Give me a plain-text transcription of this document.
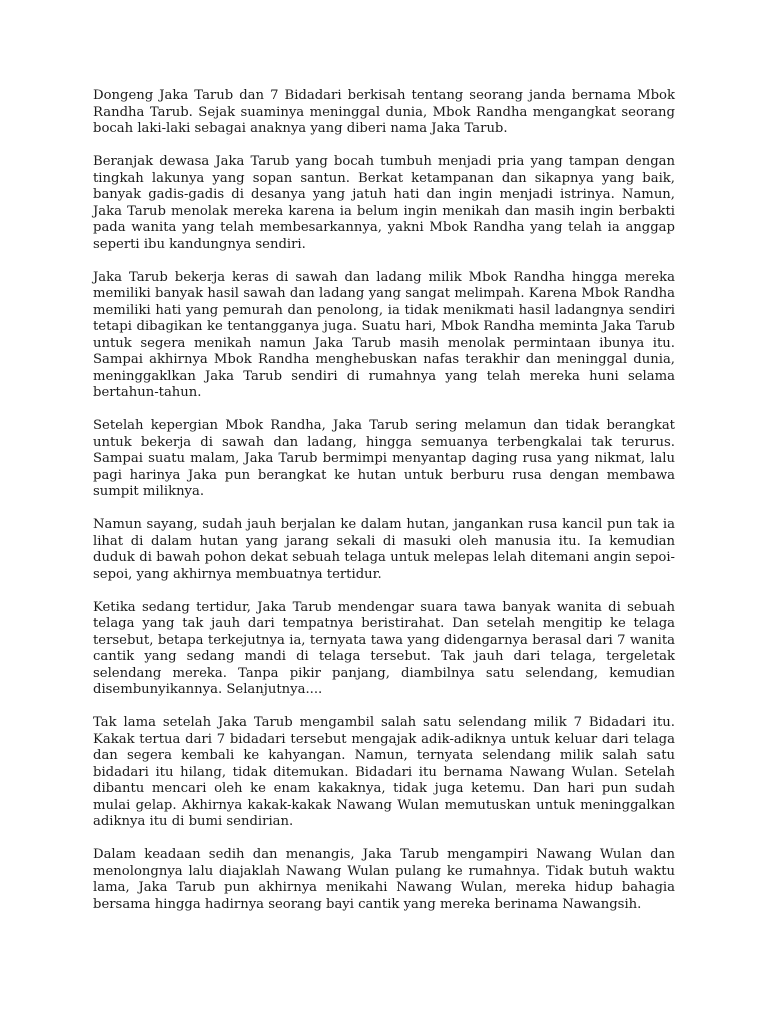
Dongeng Jaka Tarub dan 7 Bidadari berkisah tentang seorang janda bernama Mbok Randha Tarub. Sejak suaminya meninggal dunia, Mbok Randha mengangkat seorang bocah laki-laki sebagai anaknya yang diberi nama Jaka Tarub.

Beranjak dewasa Jaka Tarub yang bocah tumbuh menjadi pria yang tampan dengan tingkah lakunya yang sopan santun. Berkat ketampanan dan sikapnya yang baik, banyak gadis-gadis di desanya yang jatuh hati dan ingin menjadi istrinya. Namun, Jaka Tarub menolak mereka karena ia belum ingin menikah dan masih ingin berbakti pada wanita yang telah membesarkannya, yakni Mbok Randha yang telah ia anggap seperti ibu kandungnya sendiri.

Jaka Tarub bekerja keras di sawah dan ladang milik Mbok Randha hingga mereka memiliki banyak hasil sawah dan ladang yang sangat melimpah. Karena Mbok Randha memiliki hati yang pemurah dan penolong, ia tidak menikmati hasil ladangnya sendiri tetapi dibagikan ke tentangganya juga. Suatu hari, Mbok Randha meminta Jaka Tarub untuk segera menikah namun Jaka Tarub masih menolak permintaan ibunya itu. Sampai akhirnya Mbok Randha menghebuskan nafas terakhir dan meninggal dunia, meninggaklkan Jaka Tarub sendiri di rumahnya yang telah mereka huni selama bertahun-tahun.

Setelah kepergian Mbok Randha, Jaka Tarub sering melamun dan tidak berangkat untuk bekerja di sawah dan ladang, hingga semuanya terbengkalai tak terurus. Sampai suatu malam, Jaka Tarub bermimpi menyantap daging rusa yang nikmat, lalu pagi harinya Jaka pun berangkat ke hutan untuk berburu rusa dengan membawa sumpit miliknya.

Namun sayang, sudah jauh berjalan ke dalam hutan, jangankan rusa kancil pun tak ia lihat di dalam hutan yang jarang sekali di masuki oleh manusia itu. Ia kemudian duduk di bawah pohon dekat sebuah telaga untuk melepas lelah ditemani angin sepoi-sepoi, yang akhirnya membuatnya tertidur.

Ketika sedang tertidur, Jaka Tarub mendengar suara tawa banyak wanita di sebuah telaga yang tak jauh dari tempatnya beristirahat. Dan setelah mengitip ke telaga tersebut, betapa terkejutnya ia, ternyata tawa yang didengarnya berasal dari 7 wanita cantik yang sedang mandi di telaga tersebut. Tak jauh dari telaga, tergeletak selendang mereka. Tanpa pikir panjang, diambilnya satu selendang, kemudian disembunyikannya. Selanjutnya....

Tak lama setelah Jaka Tarub mengambil salah satu selendang milik 7 Bidadari itu. Kakak tertua dari 7 bidadari tersebut mengajak adik-adiknya untuk keluar dari telaga dan segera kembali ke kahyangan. Namun, ternyata selendang milik salah satu bidadari itu hilang, tidak ditemukan. Bidadari itu bernama Nawang Wulan. Setelah dibantu mencari oleh ke enam kakaknya, tidak juga ketemu. Dan hari pun sudah mulai gelap. Akhirnya kakak-kakak Nawang Wulan memutuskan untuk meninggalkan adiknya itu di bumi sendirian.

Dalam keadaan sedih dan menangis, Jaka Tarub mengampiri Nawang Wulan dan menolongnya lalu diajaklah Nawang Wulan pulang ke rumahnya. Tidak butuh waktu lama, Jaka Tarub pun akhirnya menikahi Nawang Wulan, mereka hidup bahagia bersama hingga hadirnya seorang bayi cantik yang mereka berinama Nawangsih.
